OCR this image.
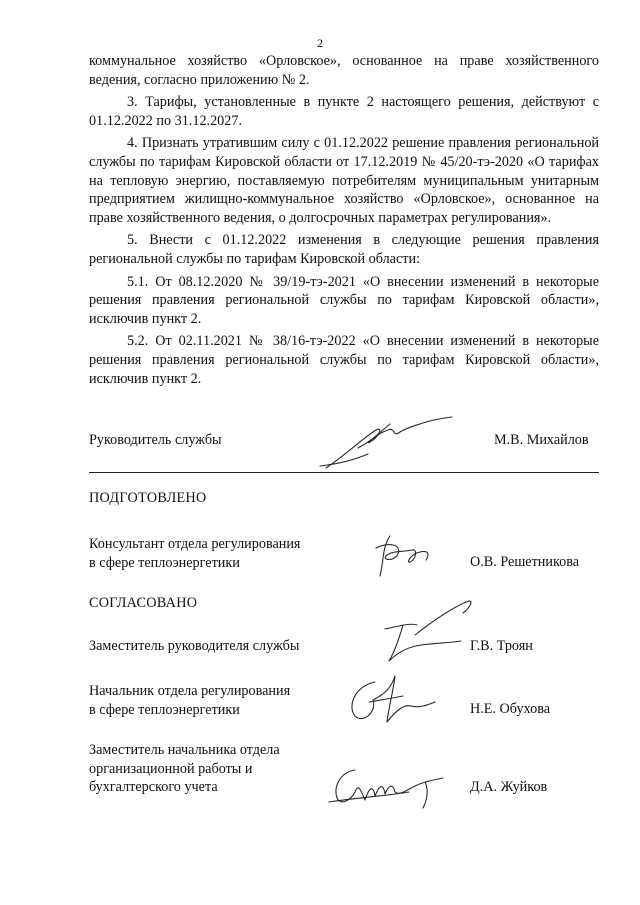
2

коммунальное хозяйство «Орловское», основанное на праве хозяйственного ведения, согласно приложению № 2.

3. Тарифы, установленные в пункте 2 настоящего решения, действуют с 01.12.2022 по 31.12.2027.

4. Признать утратившим силу с 01.12.2022 решение правления региональной службы по тарифам Кировской области от 17.12.2019 № 45/20-тэ-2020 «О тарифах на тепловую энергию, поставляемую потребителям муниципальным унитарным предприятием жилищно-коммунальное хозяйство «Орловское», основанное на праве хозяйственного ведения, о долгосрочных параметрах регулирования».

5. Внести с 01.12.2022 изменения в следующие решения правления региональной службы по тарифам Кировской области:

5.1. От 08.12.2020 № 39/19-тэ-2021 «О внесении изменений в некоторые решения правления региональной службы по тарифам Кировской области», исключив пункт 2.

5.2. От 02.11.2021 № 38/16-тэ-2022 «О внесении изменений в некоторые решения правления региональной службы по тарифам Кировской области», исключив пункт 2.

Руководитель службы	М.В. Михайлов
ПОДГОТОВЛЕНО
Консультант отдела регулирования
в сфере теплоэнергетики	О.В. Решетникова
СОГЛАСОВАНО
Заместитель руководителя службы	Г.В. Троян
Начальник отдела регулирования
в сфере теплоэнергетики	Н.Е. Обухова
Заместитель начальника отдела
организационной работы и
бухгалтерского учета	Д.А. Жуйков
